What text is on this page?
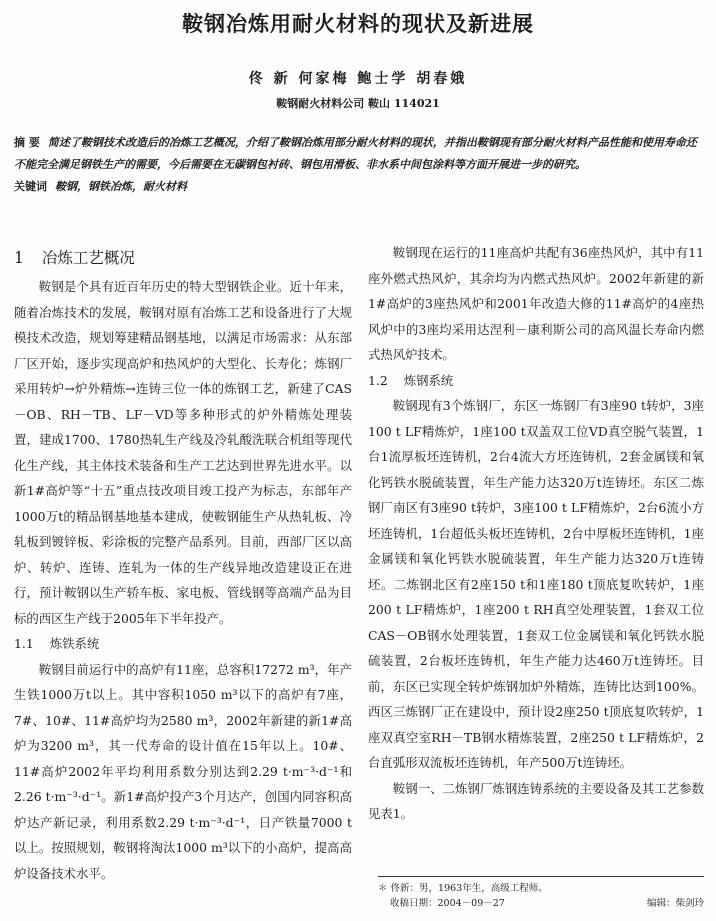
鞍钢冶炼用耐火材料的现状及新进展
佟 新 何家梅 鲍士学 胡春娥
鞍钢耐火材料公司 鞍山 114021
摘 要 简述了鞍钢技术改造后的冶炼工艺概况，介绍了鞍钢冶炼用部分耐火材料的现状，并指出鞍钢现有部分耐火材料产品性能和使用寿命还不能完全满足钢铁生产的需要，今后需要在无碳钢包衬砖、钢包用滑板、非水系中间包涂料等方面开展进一步的研究。
关键词 鞍钢，钢铁冶炼，耐火材料
1 冶炼工艺概况

鞍钢是个具有近百年历史的特大型钢铁企业。近十年来，随着冶炼技术的发展，鞍钢对原有冶炼工艺和设备进行了大规模技术改造，规划筹建精品钢基地，以满足市场需求：从东部厂区开始，逐步实现高炉和热风炉的大型化、长寿化；炼钢厂采用转炉→炉外精炼→连铸三位一体的炼钢工艺，新建了CAS－OB、RH－TB、LF－VD等多种形式的炉外精炼处理装置，建成1700、1780热轧生产线及冷轧酸洗联合机组等现代化生产线，其主体技术装备和生产工艺达到世界先进水平。以新1#高炉等“十五”重点技改项目竣工投产为标志，东部年产1000万t的精品钢基地基本建成，使鞍钢能生产从热轧板、冷轧板到镀锌板、彩涂板的完整产品系列。目前，西部厂区以高炉、转炉、连铸、连轧为一体的生产线异地改造建设正在进行，预计鞍钢以生产轿车板、家电板、管线钢等高端产品为目标的西区生产线于2005年下半年投产。

1.1 炼铁系统

鞍钢目前运行中的高炉有11座，总容积17272 m³，年产生铁1000万t以上。其中容积1050 m³以下的高炉有7座，7#、10#、11#高炉均为2580 m³，2002年新建的新1#高炉为3200 m³，其一代寿命的设计值在15年以上。10#、11#高炉2002年平均利用系数分别达到2.29 t·m⁻³·d⁻¹和2.26 t·m⁻³·d⁻¹。新1#高炉投产3个月达产，创国内同容积高炉达产新记录，利用系数2.29 t·m⁻³·d⁻¹，日产铁量7000 t以上。按照规划，鞍钢将淘汰1000 m³以下的小高炉，提高高炉设备技术水平。

鞍钢现在运行的11座高炉共配有36座热风炉，其中有11座外燃式热风炉，其余均为内燃式热风炉。2002年新建的新1#高炉的3座热风炉和2001年改造大修的11#高炉的4座热风炉中的3座均采用达涅利－康利斯公司的高风温长寿命内燃式热风炉技术。

1.2 炼钢系统

鞍钢现有3个炼钢厂，东区一炼钢厂有3座90 t转炉，3座100 t LF精炼炉，1座100 t双盖双工位VD真空脱气装置，1台1流厚板坯连铸机，2台4流大方坯连铸机，2套金属镁和氧化钙铁水脱硫装置，年生产能力达320万t连铸坯。东区二炼钢厂南区有3座90 t转炉，3座100 t LF精炼炉，2台6流小方坯连铸机，1台超低头板坯连铸机，2台中厚板坯连铸机，1座金属镁和氧化钙铁水脱硫装置，年生产能力达320万t连铸坯。二炼钢北区有2座150 t和1座180 t顶底复吹转炉，1座200 t LF精炼炉，1座200 t RH真空处理装置，1套双工位CAS－OB钢水处理装置，1套双工位金属镁和氧化钙铁水脱硫装置，2台板坯连铸机，年生产能力达460万t连铸坯。目前，东区已实现全转炉炼钢加炉外精炼，连铸比达到100%。西区三炼钢厂正在建设中，预计设2座250 t顶底复吹转炉，1座双真空室RH－TB钢水精炼装置，2座250 t LF精炼炉，2台直弧形双流板坯连铸机，年产500万t连铸坯。

鞍钢一、二炼钢厂炼钢连铸系统的主要设备及其工艺参数见表1。

＊ 佟新：男，1963年生，高级工程师。
收稿日期：2004－09－27	编辑：柴剑玲
